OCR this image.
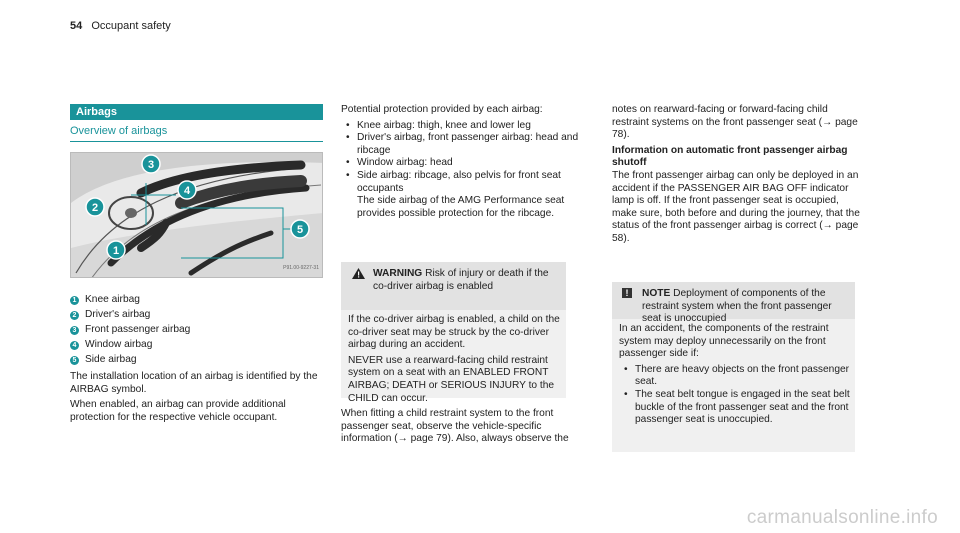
54 Occupant safety
Airbags
Overview of airbags
1
2
3
4
5
P91.00-9227-31
1 Knee airbag
2 Driver's airbag
3 Front passenger airbag
4 Window airbag
5 Side airbag

The installation location of an airbag is identified by the AIRBAG symbol.

When enabled, an airbag can provide additional protection for the respective vehicle occupant.

Potential protection provided by each airbag:

• Knee airbag: thigh, knee and lower leg
• Driver's airbag, front passenger airbag: head and ribcage
• Window airbag: head
• Side airbag: ribcage, also pelvis for front seat occupants
The side airbag of the AMG Performance seat provides possible protection for the ribcage.
WARNING Risk of injury or death if the co-driver airbag is enabled

If the co-driver airbag is enabled, a child on the co-driver seat may be struck by the co-driver airbag during an accident.

NEVER use a rearward-facing child restraint system on a seat with an ENABLED FRONT AIRBAG; DEATH or SERIOUS INJURY to the CHILD can occur.

When fitting a child restraint system to the front passenger seat, observe the vehicle-specific information (→ page 79). Also, always observe the

notes on rearward-facing or forward-facing child restraint systems on the front passenger seat (→ page 78).

Information on automatic front passenger airbag shutoff

The front passenger airbag can only be deployed in an accident if the PASSENGER AIR BAG OFF indicator lamp is off. If the front passenger seat is occupied, make sure, both before and during the journey, that the status of the front passenger airbag is correct (→ page 58).

!	NOTE Deployment of components of the restraint system when the front passenger seat is unoccupied

In an accident, the components of the restraint system may deploy unnecessarily on the front passenger side if:

• There are heavy objects on the front passenger seat.
• The seat belt tongue is engaged in the seat belt buckle of the front passenger seat and the front passenger seat is unoccupied.
carmanualsonline.info
